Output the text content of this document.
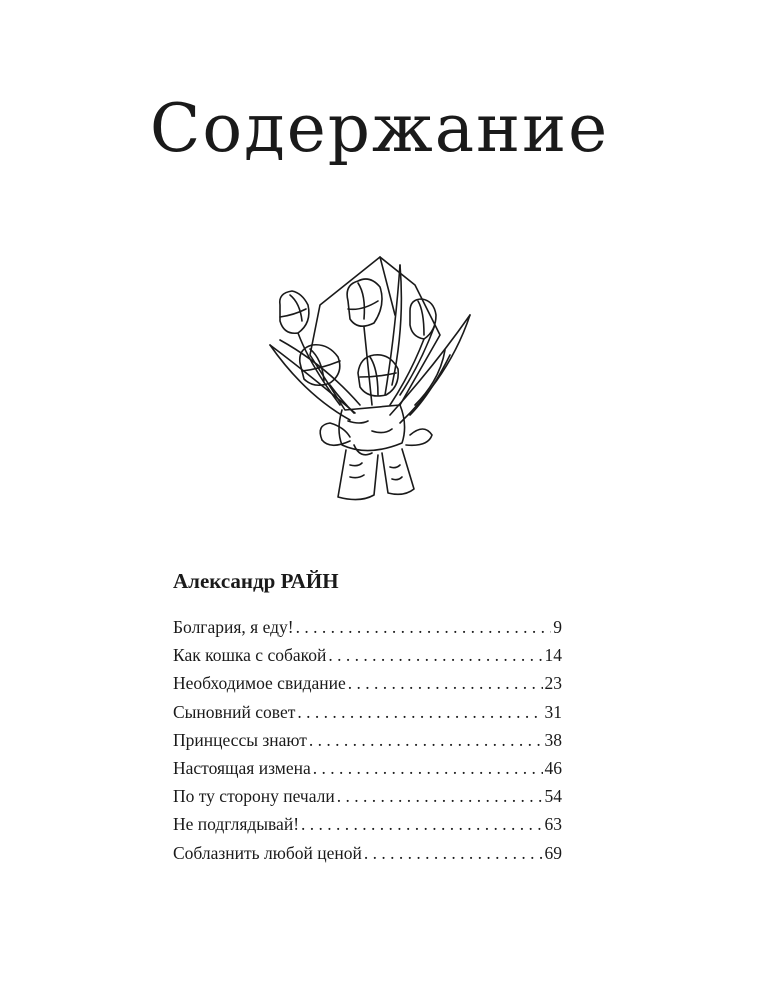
Содержание
Александр РАЙН
Болгария, я еду! . . .	9
Как кошка с собакой . . .	14
Необходимое свидание . . .	23
Сыновний совет . . .	31
Принцессы знают . . .	38
Настоящая измена . . .	46
По ту сторону печали . . .	54
Не подглядывай! . . .	63
Соблазнить любой ценой . . .	69
